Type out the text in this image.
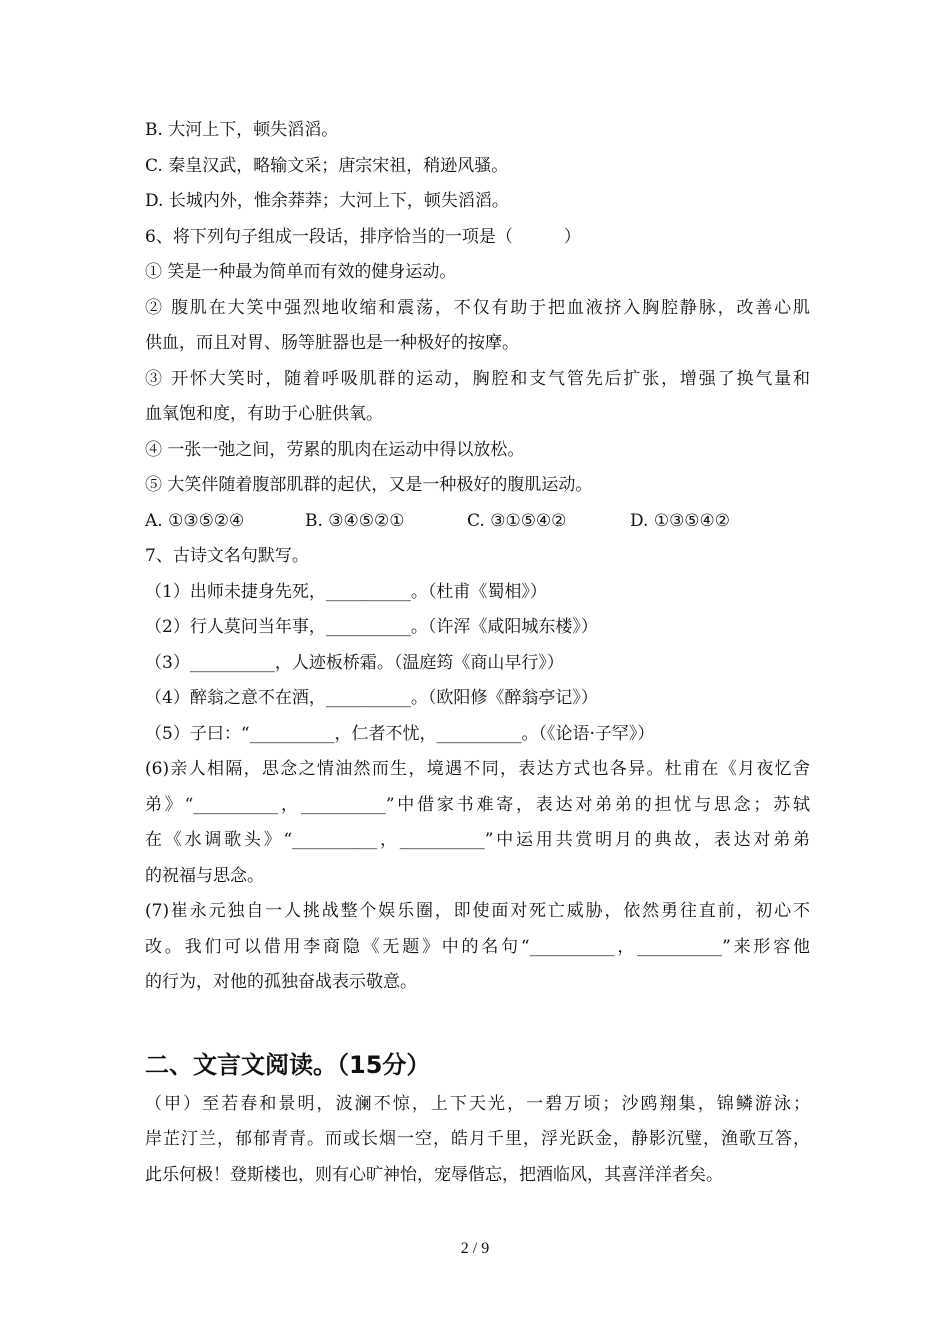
B. 大河上下，顿失滔滔。
C. 秦皇汉武，略输文采；唐宗宋祖，稍逊风骚。
D. 长城内外，惟余莽莽；大河上下，顿失滔滔。
6、将下列句子组成一段话，排序恰当的一项是（　　　）
① 笑是一种最为简单而有效的健身运动。
② 腹肌在大笑中强烈地收缩和震荡，不仅有助于把血液挤入胸腔静脉，改善心肌
供血，而且对胃、肠等脏器也是一种极好的按摩。
③ 开怀大笑时，随着呼吸肌群的运动，胸腔和支气管先后扩张，增强了换气量和
血氧饱和度，有助于心脏供氧。
④ 一张一弛之间，劳累的肌肉在运动中得以放松。
⑤ 大笑伴随着腹部肌群的起伏，又是一种极好的腹肌运动。
A. ①③⑤②④	B. ③④⑤②①	C. ③①⑤④②	D. ①③⑤④②
7、古诗文名句默写。
（1）出师未捷身先死，__________。（杜甫《蜀相》）
（2）行人莫问当年事，__________。（许浑《咸阳城东楼》）
（3）__________，人迹板桥霜。（温庭筠《商山早行》）
（4）醉翁之意不在酒，__________。（欧阳修《醉翁亭记》）
（5）子曰：“__________，仁者不忧，__________。（《论语·子罕》）
(6)亲人相隔，思念之情油然而生，境遇不同，表达方式也各异。杜甫在《月夜忆舍
弟》“__________，__________”中借家书难寄，表达对弟弟的担忧与思念；苏轼
在《水调歌头》“__________，__________”中运用共赏明月的典故，表达对弟弟
的祝福与思念。
(7)崔永元独自一人挑战整个娱乐圈，即使面对死亡威胁，依然勇往直前，初心不
改。我们可以借用李商隐《无题》中的名句“__________，__________”来形容他
的行为，对他的孤独奋战表示敬意。
二、文言文阅读。（15分）
（甲）至若春和景明，波澜不惊，上下天光，一碧万顷；沙鸥翔集，锦鳞游泳；
岸芷汀兰，郁郁青青。而或长烟一空，皓月千里，浮光跃金，静影沉璧，渔歌互答，
此乐何极！登斯楼也，则有心旷神怡，宠辱偕忘，把酒临风，其喜洋洋者矣。
2 / 9
